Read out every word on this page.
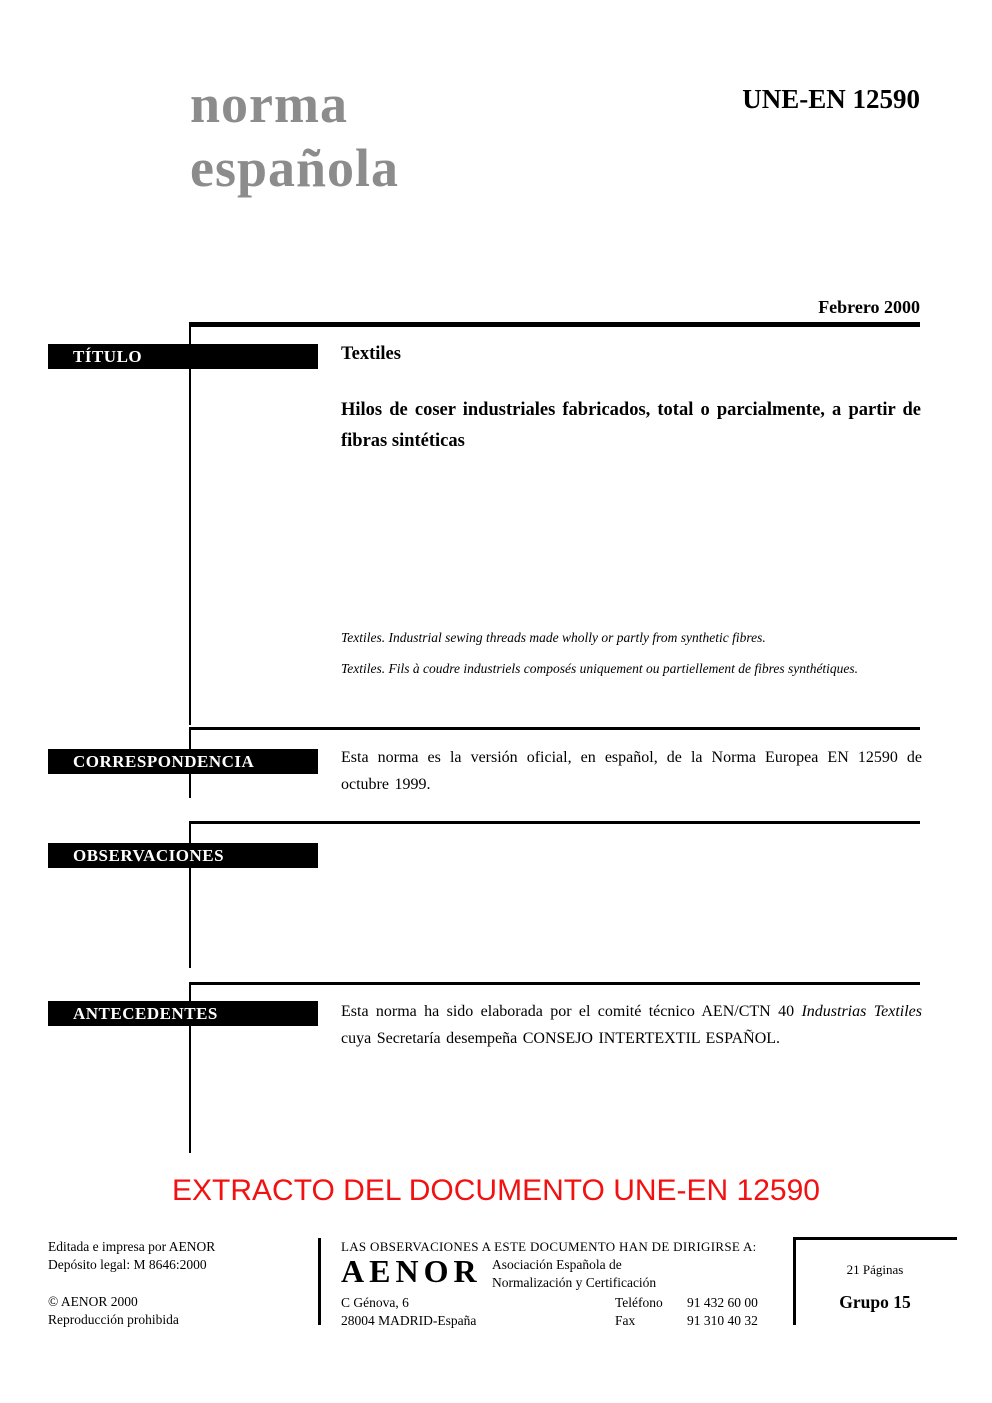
norma
española
UNE-EN 12590
Febrero 2000
TÍTULO	Textiles
Hilos de coser industriales fabricados, total o parcialmente, a partir de fibras sintéticas
Textiles. Industrial sewing threads made wholly or partly from synthetic fibres.
Textiles. Fils à coudre industriels composés uniquement ou partiellement de fibres synthétiques.
CORRESPONDENCIA	Esta norma es la versión oficial, en español, de la Norma Europea EN 12590 de octubre 1999.
OBSERVACIONES
ANTECEDENTES	Esta norma ha sido elaborada por el comité técnico AEN/CTN 40 Industrias Textiles cuya Secretaría desempeña CONSEJO INTERTEXTIL ESPAÑOL.
EXTRACTO DEL DOCUMENTO UNE-EN 12590
Editada e impresa por AENOR
Depósito legal: M 8646:2000
© AENOR 2000
Reproducción prohibida
LAS OBSERVACIONES A ESTE DOCUMENTO HAN DE DIRIGIRSE A:
AENOR Asociación Española de
Normalización y Certificación
C Génova, 6
28004 MADRID-España
Teléfono	91 432 60 00
Fax	91 310 40 32
21 Páginas
Grupo 15
